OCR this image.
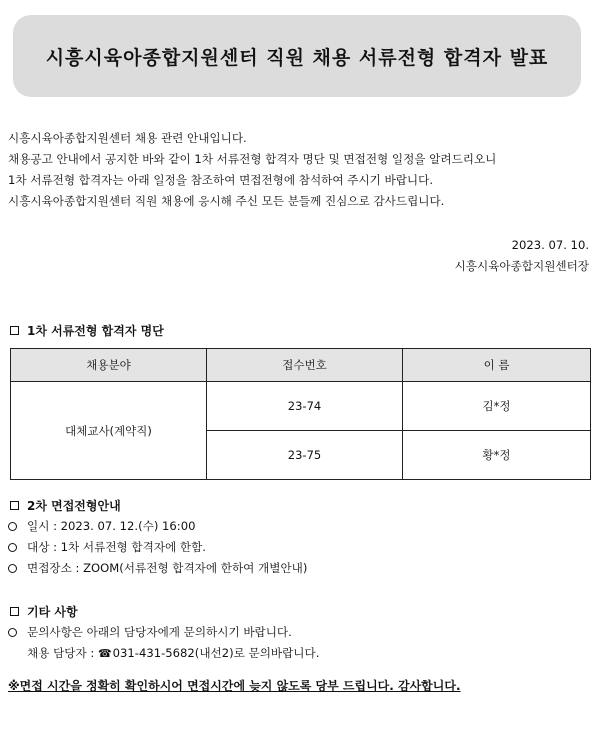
시흥시육아종합지원센터 직원 채용 서류전형 합격자 발표

시흥시육아종합지원센터 채용 관련 안내입니다.

채용공고 안내에서 공지한 바와 같이 1차 서류전형 합격자 명단 및 면접전형 일정을 알려드리오니

1차 서류전형 합격자는 아래 일정을 참조하여 면접전형에 참석하여 주시기 바랍니다.

시흥시육아종합지원센터 직원 채용에 응시해 주신 모든 분들께 진심으로 감사드립니다.

2023. 07. 10.

시흥시육아종합지원센터장

1차 서류전형 합격자 명단
채용분야	접수번호	이 름
대체교사(계약직)	23-74	김*정
	23-75	황*정
2차 면접전형안내
일시 : 2023. 07. 12.(수) 16:00
대상 : 1차 서류전형 합격자에 한함.
면접장소 : ZOOM(서류전형 합격자에 한하여 개별안내)
기타 사항
문의사항은 아래의 담당자에게 문의하시기 바랍니다.
채용 담당자 : ☎031-431-5682(내선2)로 문의바랍니다.
※면접 시간을 정확히 확인하시어 면접시간에 늦지 않도록 당부 드립니다. 감사합니다.
